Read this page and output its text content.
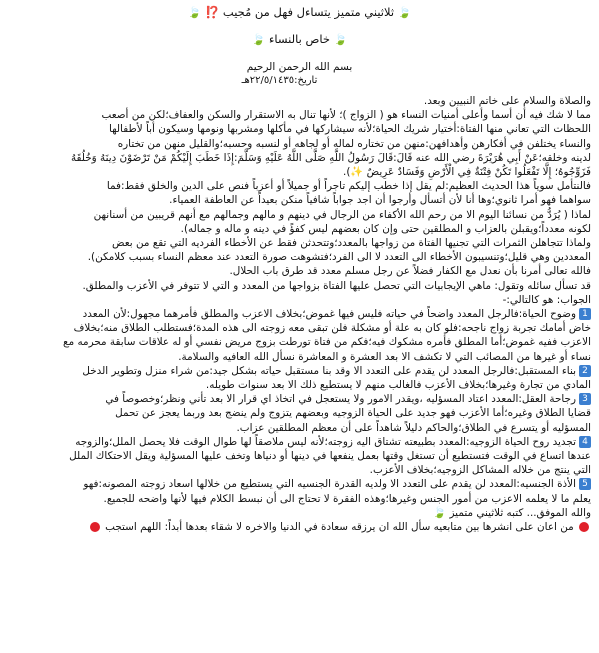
🍃 ثلاثيني متميز يتساءل فهل من مُجيب ⁉️ 🍃
🍃 خاص بالنساء 🍃
بسم الله الرحمن الرحيم
تاريخ:٢٢/٥/١٤٣٥هـ
والصلاة والسلام على خاتم النبيين وبعد.
مما لا شك فيه أن أسما وأعلى أمنيات النساء هو ( الزواج )؛ لأنها تنال به الاستقرار والسكن والعفاف؛لكن من أصعب
اللحظات التي تعاني منها الفتاة:أختيار شريك الحياة؛لأنه سيشاركها في مأكلها ومشربها ونومها وسيكون أباً لأطفالها
والنساء يختلفن في أفكارهن وأهدافهن:منهن من تختاره لماله أو لجاهه أو لنسبه وحسبه؛والقليل منهن من تختاره
لدينه وخلقه؛عَنْ أَبِي هُرَيْرَةَ رضي الله عنه قَالَ:قَالَ رَسُولُ اللَّهِ صَلَّى اللَّهُ عَلَيْهِ وَسَلَّمَ:إِذَا خَطَبَ إِلَيْكُمْ مَنْ تَرْضَوْنَ دِينَهُ وَخُلُقَهُ
فَزَوِّجُوهُ؛ إِلَّا تَفْعَلُوا تَكُنْ فِتْنَةٌ فِي الْأَرْضِ وَفَسَادٌ عَرِيضٌ ✨).
فالنتأمل سوياً هذا الحديث العظيم:لم يقل إذا خطب إليكم تاجراً أو جميلاً أو أعزباً فنص على الدين والخلق فقط:فما
سواهما فهو أمرا ثانوي؛وها أنا لأن أتسأل وأرجوا أن اجد جواباً شافياً منكن بعيداً عن العاطفة العمياء.
لماذا ( يُرَدُّ من نسائنا اليوم الا من رحم الله الأكفاء من الرجال في دينهم و مالهم وجمالهم مع أنهم قريبين من أسنانهن
لكونه معدداً؛ويقبلن بالعزاب و المطلقين حتى وإن كان بعضهم ليس كفؤً في دينه و ماله و جماله).
ولماذا تتجاهلن الثمرات التي تجنيها الفتاة من زواجها بالمعدد؛وتتحدثن فقط عن الأخطاء الفرديه التي تقع من بعض
المعددين وهي قليل؛وتنسيبون الأخطاء الى التعدد لا الى الفرد؛فتشوهت صورة التعدد عند معظم النساء بسبب كلامكن).
فالله تعالى أمرنا بأن نعدل مع الكفار فضلاً عن رجل مسلم معدد قد طرق باب الحلال.
قد تسأل سائله وتقول: ماهي الإيجابيات التي تحصل عليها الفتاة بزواجها من المعدد و التي لا تتوفر في الأعزب والمطلق.
الجواب: هو كالتالي:-
1وضوح الحياة:فالرجل المعدد واضحاً في حياته فليس فيها غموض؛بخلاف الاعزب والمطلق فأمرهما مجهول:لأن المعدد
خاض أمامك تجربة زواج ناجحه:فلو كان به علة أو مشكلة فلن تبقى معه زوجته الى هذه المدة؛فستطلب الطلاق منه؛بخلاف
الاعزب ففيه غموض؛أما المطلق فأمره مشكوك فيه؛فكم من فتاة تورطت بزوج مريض نفسي أو له علاقات سابقة محرمه مع
نساء أو غيرها من المصائب التي لا تكشف الا بعد العشرة و المعاشرة نسأل الله العافيه والسلامة.
2بناء المستقبل:فالرجل المعدد لن يقدم على التعدد الا وقد بنا مستقبل حياته بشكل جيد:من شراء منزل وتطوير الدخل
المادي من تجارة وغيرها؛بخلاف الأعزب فالغالب منهم لا يستطيع ذلك الا بعد سنوات طويله.
3رجاحة العقل:المعدد اعتاد المسؤليه ،ويقدر الامور ولا يستعجل في اتخاذ اي قرار الا بعد تأني ونظر؛وخصوصاً في
قضايا الطلاق وغيره؛أما الأعزب فهو جديد على الحياة الزوجيه وبعضهم يتزوج ولم ينضج بعد وربما يعجز عن تحمل
المسؤليه أو يتسرع في الطلاق؛والحاكم دليلاً شاهداً على أن معظم المطلقين عزاب.
4تجديد روح الحياة الزوجيه:المعدد بطبيعته تشتاق اليه زوجته؛لأنه ليس ملاصقاً لها طوال الوقت فلا يحصل الملل؛والزوجه
عندها اتساع في الوقت فتستطيع أن تستغل وقتها بعمل ينفعها في دينها أو دنياها وتخف عليها المسؤلية ويقل الاحتكاك الملل
التي ينتج من خلاله المشاكل الزوجيه؛بخلاف الأعزب.
5الأذة الجنسيه:المعدد لن يقدم على التعدد الا ولديه القدرة الجنسيه التي يستطيع من خلالها اسعاد زوجته المصونه:فهو
يعلم ما لا يعلمه الاعزب من أمور الجنس وغيرها؛وهذه الفقرة لا تحتاج الى أن نبسط الكلام فيها لأنها واضحه للجميع.
والله الموفق... كتبه ثلاثيني متميز 🍃
من اعان على انشرها بين متابعيه سأل الله ان يرزقه سعادة في الدنيا والاخره لا شقاء بعدها أبداً: اللهم استجب
